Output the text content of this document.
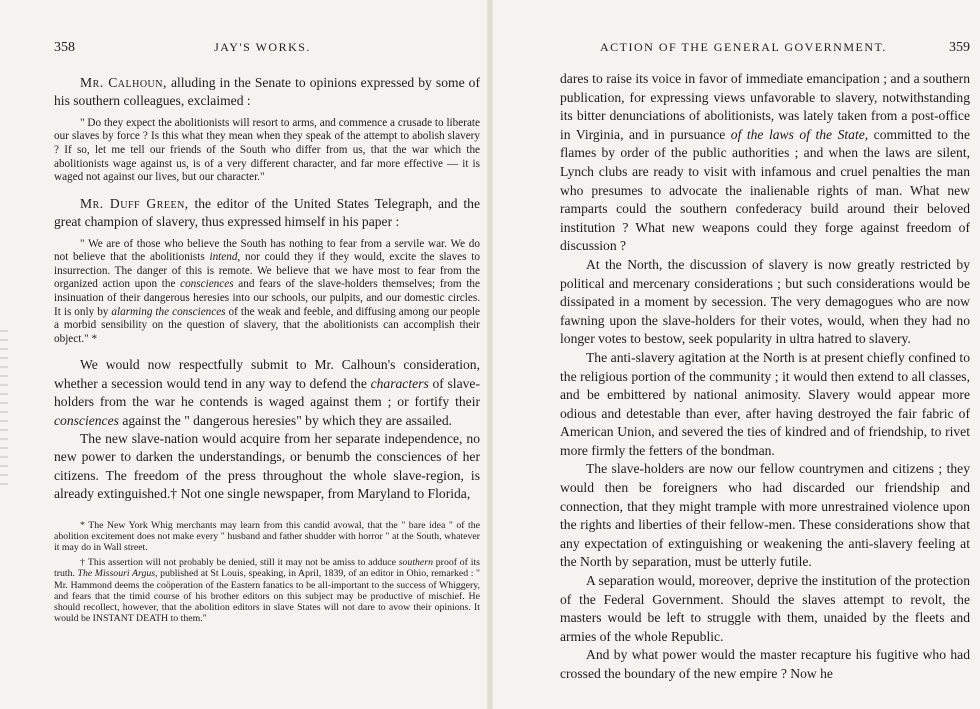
358	JAY'S WORKS.

Mr. Calhoun, alluding in the Senate to opinions expressed by some of his southern colleagues, exclaimed :

" Do they expect the abolitionists will resort to arms, and commence a crusade to liberate our slaves by force ? Is this what they mean when they speak of the attempt to abolish slavery ? If so, let me tell our friends of the South who differ from us, that the war which the abolitionists wage against us, is of a very different character, and far more effective — it is waged not against our lives, but our character."

Mr. Duff Green, the editor of the United States Telegraph, and the great champion of slavery, thus expressed himself in his paper :

" We are of those who believe the South has nothing to fear from a servile war. We do not believe that the abolitionists intend, nor could they if they would, excite the slaves to insurrection. The danger of this is remote. We believe that we have most to fear from the organized action upon the consciences and fears of the slave-holders themselves; from the insinuation of their dangerous heresies into our schools, our pulpits, and our domestic circles. It is only by alarming the consciences of the weak and feeble, and diffusing among our people a morbid sensibility on the question of slavery, that the abolitionists can accomplish their object." *

We would now respectfully submit to Mr. Calhoun's consideration, whether a secession would tend in any way to defend the characters of slave-holders from the war he contends is waged against them ; or fortify their consciences against the " dangerous heresies" by which they are assailed.

The new slave-nation would acquire from her separate independence, no new power to darken the understandings, or benumb the consciences of her citizens. The freedom of the press throughout the whole slave-region, is already extinguished.† Not one single newspaper, from Maryland to Florida,

* The New York Whig merchants may learn from this candid avowal, that the " bare idea " of the abolition excitement does not make every " husband and father shudder with horror " at the South, whatever it may do in Wall street.

† This assertion will not probably be denied, still it may not be amiss to adduce southern proof of its truth. The Missouri Argus, published at St Louis, speaking, in April, 1839, of an editor in Ohio, remarked : " Mr. Hammond deems the coöperation of the Eastern fanatics to be all-important to the success of Whiggery, and fears that the timid course of his brother editors on this subject may be productive of mischief. He should recollect, however, that the abolition editors in slave States will not dare to avow their opinions. It would be INSTANT DEATH to them."

ACTION OF THE GENERAL GOVERNMENT.	359

dares to raise its voice in favor of immediate emancipation ; and a southern publication, for expressing views unfavorable to slavery, notwithstanding its bitter denunciations of abolitionists, was lately taken from a post-office in Virginia, and in pursuance of the laws of the State, committed to the flames by order of the public authorities ; and when the laws are silent, Lynch clubs are ready to visit with infamous and cruel penalties the man who presumes to advocate the inalienable rights of man. What new ramparts could the southern confederacy build around their beloved institution ? What new weapons could they forge against freedom of discussion ?

At the North, the discussion of slavery is now greatly restricted by political and mercenary considerations ; but such considerations would be dissipated in a moment by secession. The very demagogues who are now fawning upon the slave-holders for their votes, would, when they had no longer votes to bestow, seek popularity in ultra hatred to slavery.

The anti-slavery agitation at the North is at present chiefly confined to the religious portion of the community ; it would then extend to all classes, and be embittered by national animosity. Slavery would appear more odious and detestable than ever, after having destroyed the fair fabric of American Union, and severed the ties of kindred and of friendship, to rivet more firmly the fetters of the bondman.

The slave-holders are now our fellow countrymen and citizens ; they would then be foreigners who had discarded our friendship and connection, that they might trample with more unrestrained violence upon the rights and liberties of their fellow-men. These considerations show that any expectation of extinguishing or weakening the anti-slavery feeling at the North by separation, must be utterly futile.

A separation would, moreover, deprive the institution of the protection of the Federal Government. Should the slaves attempt to revolt, the masters would be left to struggle with them, unaided by the fleets and armies of the whole Republic.

And by what power would the master recapture his fugitive who had crossed the boundary of the new empire ? Now he
